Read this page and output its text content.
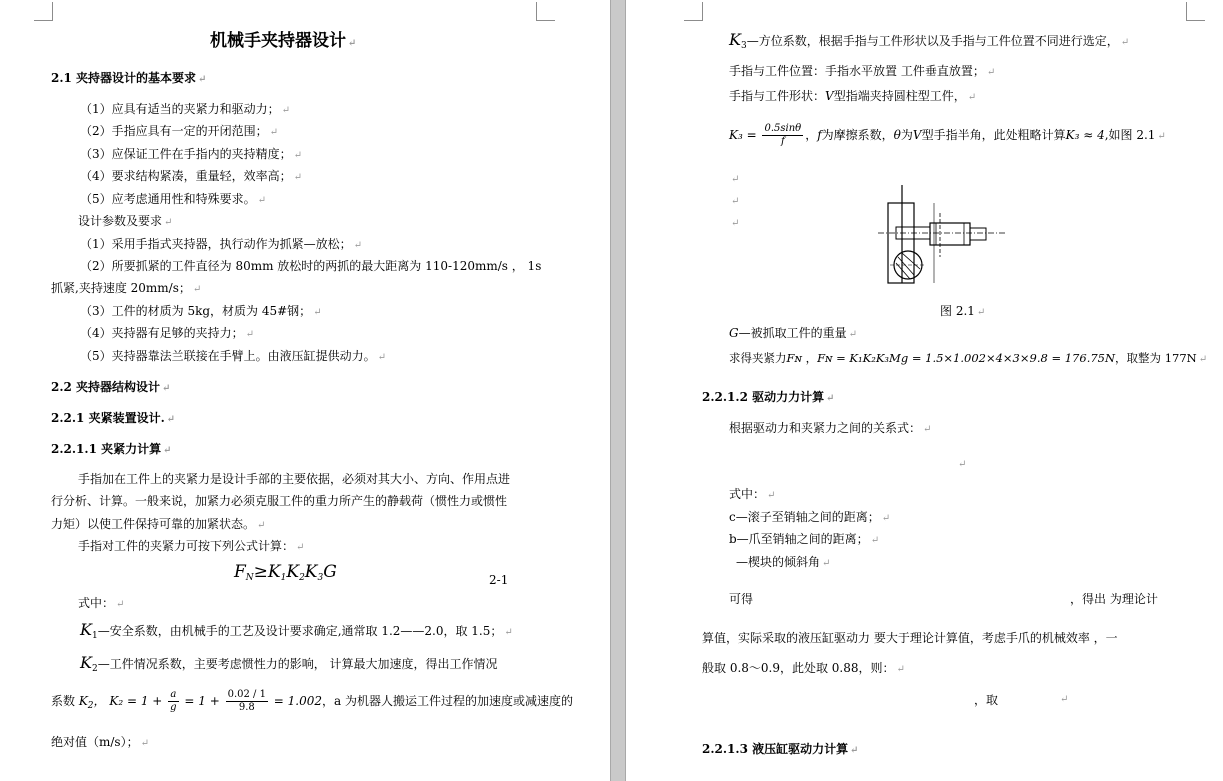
机械手夹持器设计 ↵
2.1 夹持器设计的基本要求 ↵
（1）应具有适当的夹紧力和驱动力； ↵
（2）手指应具有一定的开闭范围； ↵
（3）应保证工件在手指内的夹持精度； ↵
（4）要求结构紧凑，重量轻，效率高； ↵
（5）应考虑通用性和特殊要求。 ↵
设计参数及要求 ↵
（1）采用手指式夹持器，执行动作为抓紧—放松； ↵
（2）所要抓紧的工件直径为 80mm 放松时的两抓的最大距离为 110-120mm/s ， 1s
抓紧,夹持速度 20mm/s； ↵
（3）工件的材质为 5kg，材质为 45#钢； ↵
（4）夹持器有足够的夹持力； ↵
（5）夹持器靠法兰联接在手臂上。由液压缸提供动力。 ↵
2.2 夹持器结构设计 ↵
2.2.1 夹紧装置设计. ↵
2.2.1.1 夹紧力计算 ↵
手指加在工件上的夹紧力是设计手部的主要依据，必须对其大小、方向、作用点进
行分析、计算。一般来说，加紧力必须克服工件的重力所产生的静载荷（惯性力或惯性
力矩）以使工件保持可靠的加紧状态。 ↵
手指对工件的夹紧力可按下列公式计算： ↵
$F_N\ge K_1K_2K_3G$	2-1
式中： ↵
$K_1—$安全系数，由机械手的工艺及设计要求确定,通常取 1.2——2.0，取 1.5； ↵
$K_2—$工件情况系数，主要考虑惯性力的影响， 计算最大加速度，得出工作情况
系数 $K_2$， $K_2 = 1 + \frac{a}{g} = 1 + \frac{0.02 / 1}{9.8} = 1.002$，a 为机器人搬运工件过程的加速度或减速度的
绝对值（m/s）； ↵
$K_3—$方位系数，根据手指与工件形状以及手指与工件位置不同进行选定， ↵
手指与工件位置：手指水平放置 工件垂直放置； ↵
手指与工件形状：V型指端夹持圆柱型工件， ↵
$K_3 = \frac{0.5\sin\theta}{f}$ ，f为摩擦系数，θ为V型手指半角，此处粗略计算K₃ ≈ 4,如图 2.1 ↵
↵
↵
↵
图 2.1 ↵
G—被抓取工件的重量 ↵
求得夹紧力Fɴ ，Fɴ = K₁K₂K₃Mg = 1.5×1.002×4×3×9.8 = 176.75N，取整为 177N ↵
2.2.1.2 驱动力力计算 ↵
根据驱动力和夹紧力之间的关系式： ↵
↵
式中： ↵
c—滚子至销轴之间的距离； ↵
b—爪至销轴之间的距离； ↵
—楔块的倾斜角 ↵
可得	，得出 为理论计
算值，实际采取的液压缸驱动力 要大于理论计算值，考虑手爪的机械效率 ，一
般取 0.8～0.9，此处取 0.88，则： ↵
，取	↵
2.2.1.3 液压缸驱动力计算 ↵
